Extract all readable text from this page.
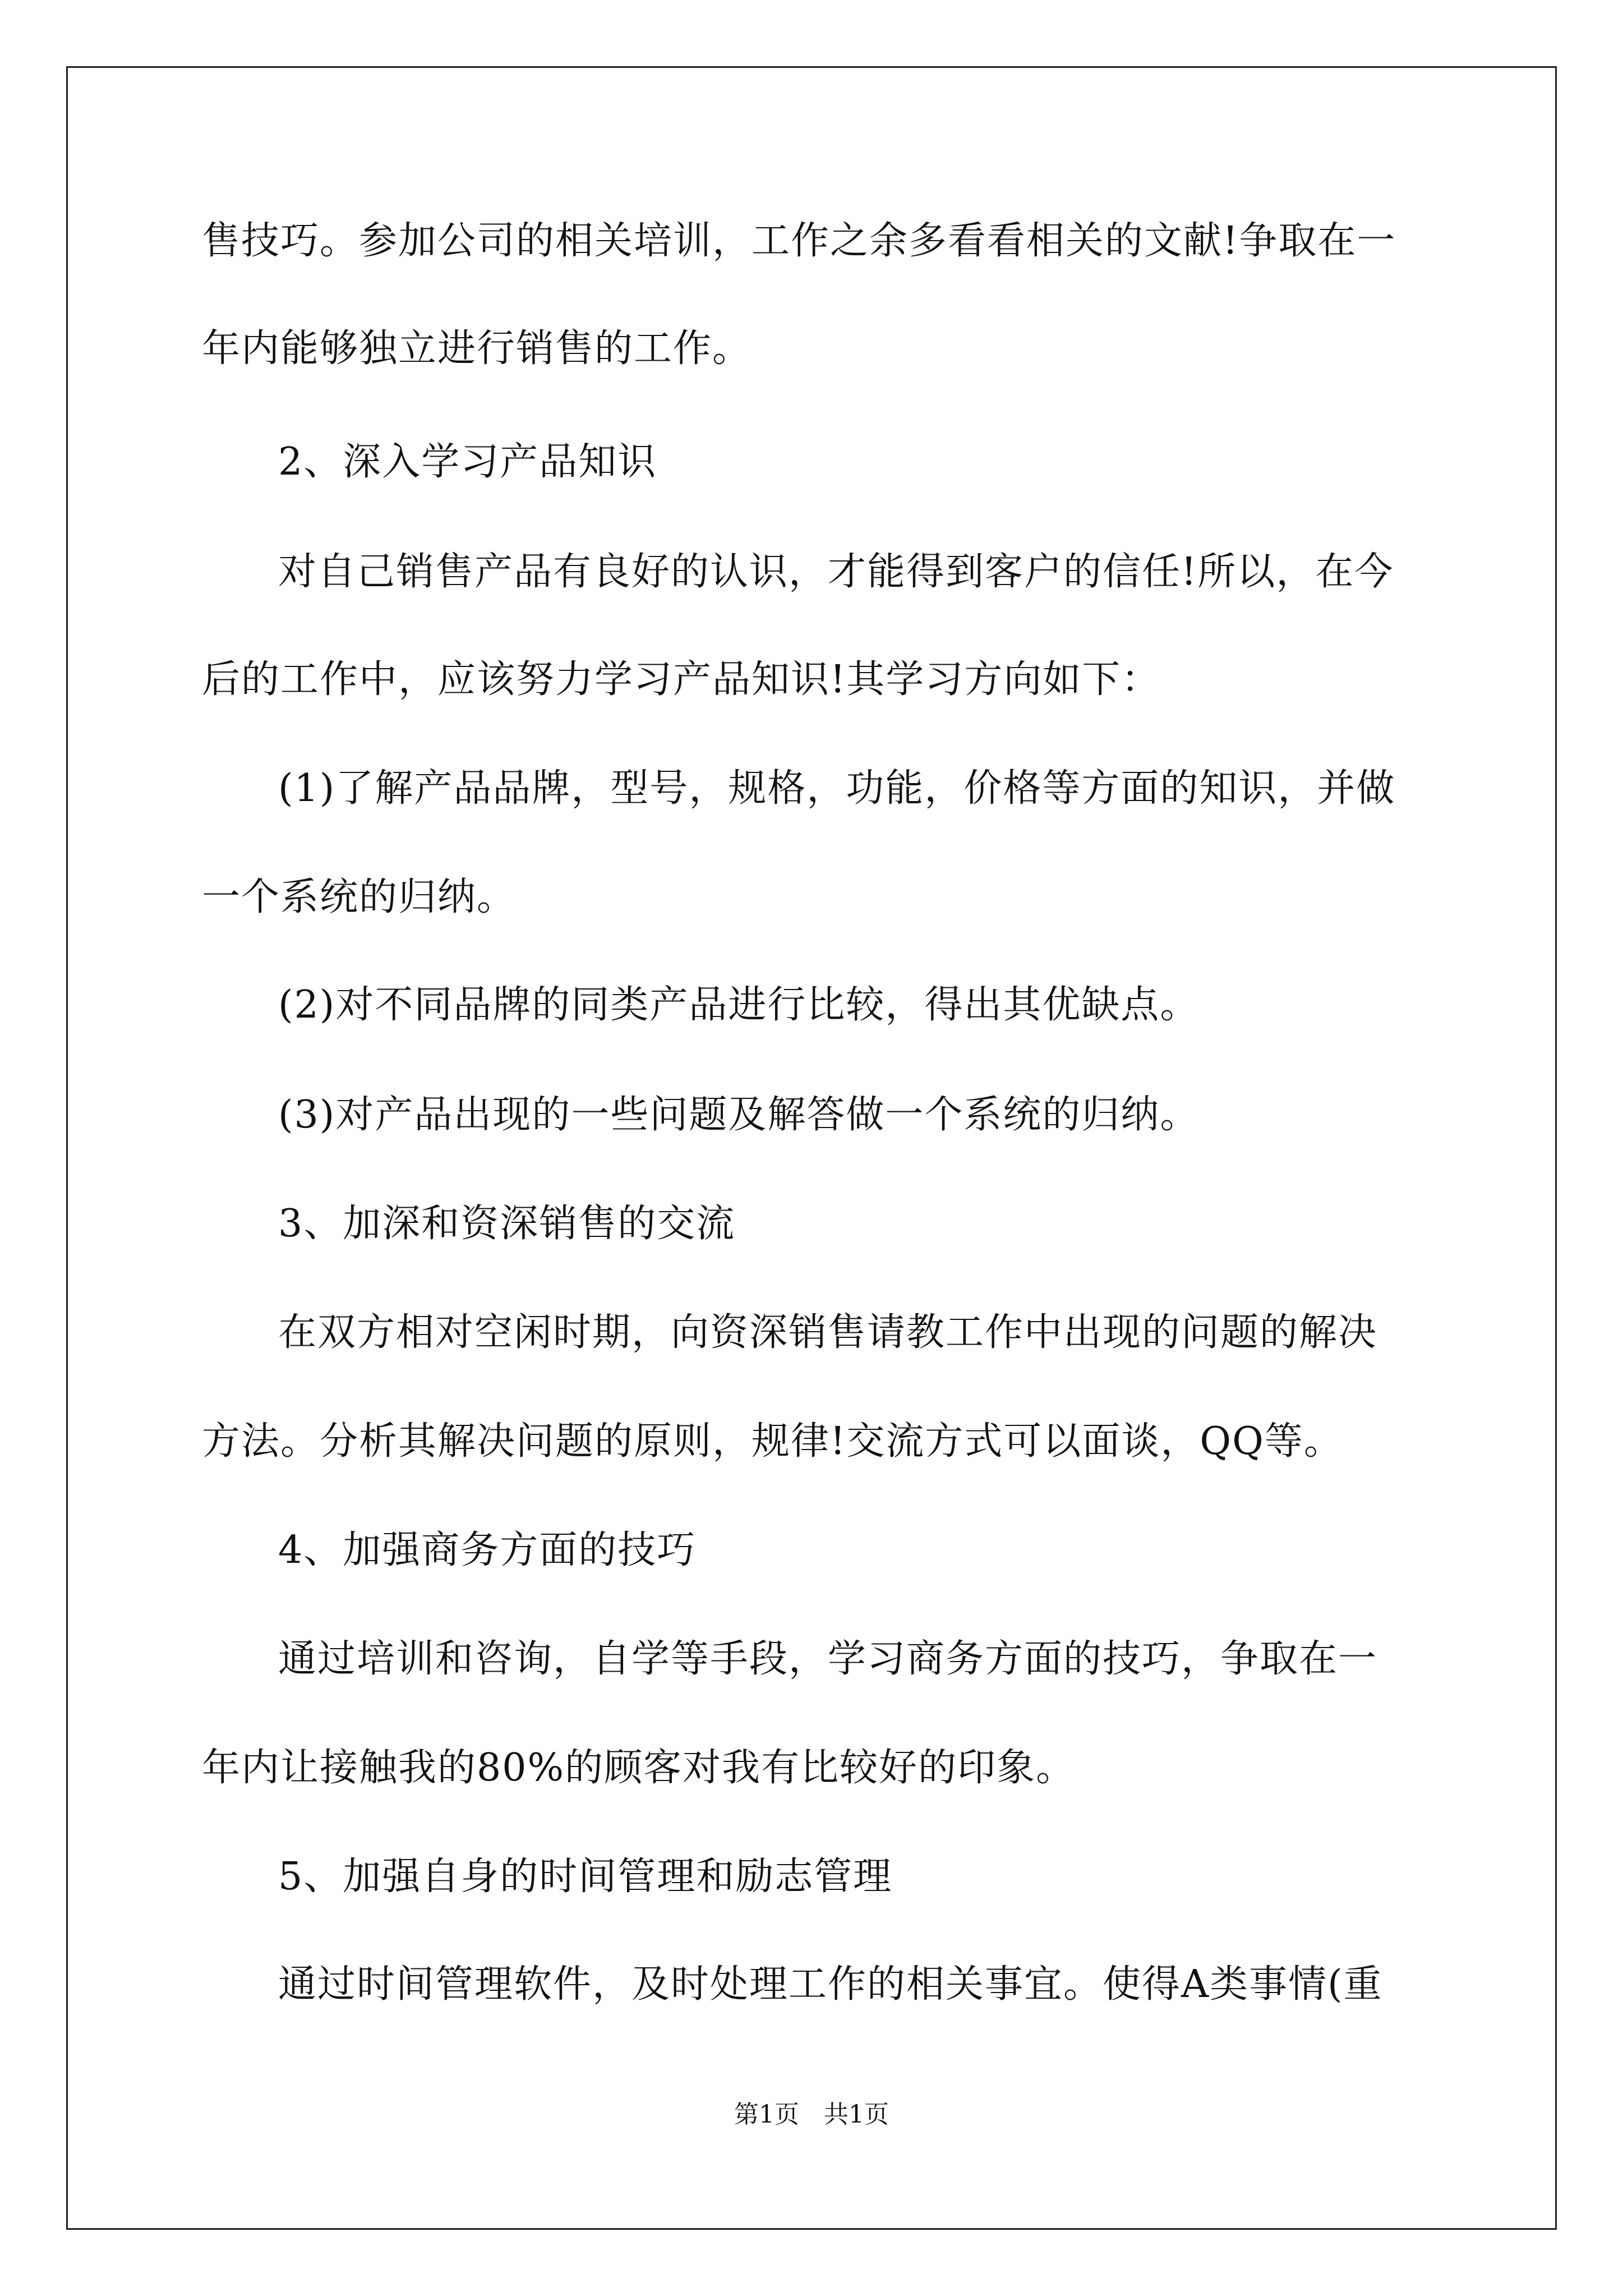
售技巧。参加公司的相关培训，工作之余多看看相关的文献!争取在一
年内能够独立进行销售的工作。
2、深入学习产品知识
对自己销售产品有良好的认识，才能得到客户的信任!所以，在今
后的工作中，应该努力学习产品知识!其学习方向如下：
(1)了解产品品牌，型号，规格，功能，价格等方面的知识，并做
一个系统的归纳。
(2)对不同品牌的同类产品进行比较，得出其优缺点。
(3)对产品出现的一些问题及解答做一个系统的归纳。
3、加深和资深销售的交流
在双方相对空闲时期，向资深销售请教工作中出现的问题的解决
方法。分析其解决问题的原则，规律!交流方式可以面谈，QQ等。
4、加强商务方面的技巧
通过培训和咨询，自学等手段，学习商务方面的技巧，争取在一
年内让接触我的80%的顾客对我有比较好的印象。
5、加强自身的时间管理和励志管理
通过时间管理软件，及时处理工作的相关事宜。使得A类事情(重
第1页　共1页
